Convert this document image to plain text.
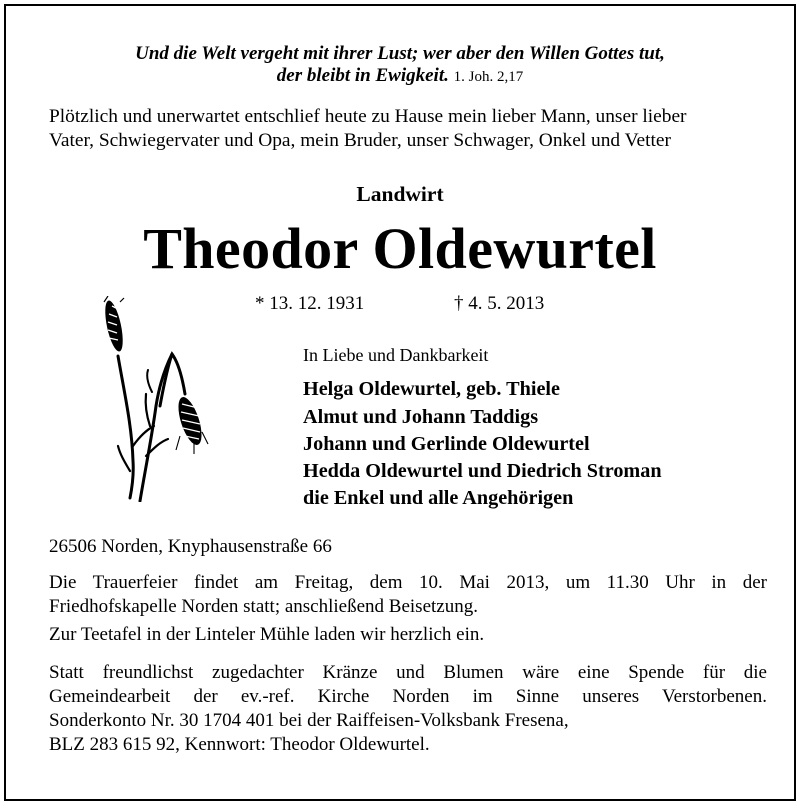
Und die Welt vergeht mit ihrer Lust; wer aber den Willen Gottes tut,
der bleibt in Ewigkeit. 1. Joh. 2,17
Plötzlich und unerwartet entschlief heute zu Hause mein lieber Mann, unser lieber
Vater, Schwiegervater und Opa, mein Bruder, unser Schwager, Onkel und Vetter
Landwirt
Theodor Oldewurtel
* 13. 12. 1931	† 4. 5. 2013
In Liebe und Dankbarkeit
Helga Oldewurtel, geb. Thiele
Almut und Johann Taddigs
Johann und Gerlinde Oldewurtel
Hedda Oldewurtel und Diedrich Stroman
die Enkel und alle Angehörigen
26506 Norden, Knyphausenstraße 66
Die Trauerfeier findet am Freitag, dem 10. Mai 2013, um 11.30 Uhr in der
Friedhofskapelle Norden statt; anschließend Beisetzung.
Zur Teetafel in der Linteler Mühle laden wir herzlich ein.
Statt freundlichst zugedachter Kränze und Blumen wäre eine Spende für die
Gemeindearbeit der ev.-ref. Kirche Norden im Sinne unseres Verstorbenen.
Sonderkonto Nr. 30 1704 401 bei der Raiffeisen-Volksbank Fresena,
BLZ 283 615 92, Kennwort: Theodor Oldewurtel.
